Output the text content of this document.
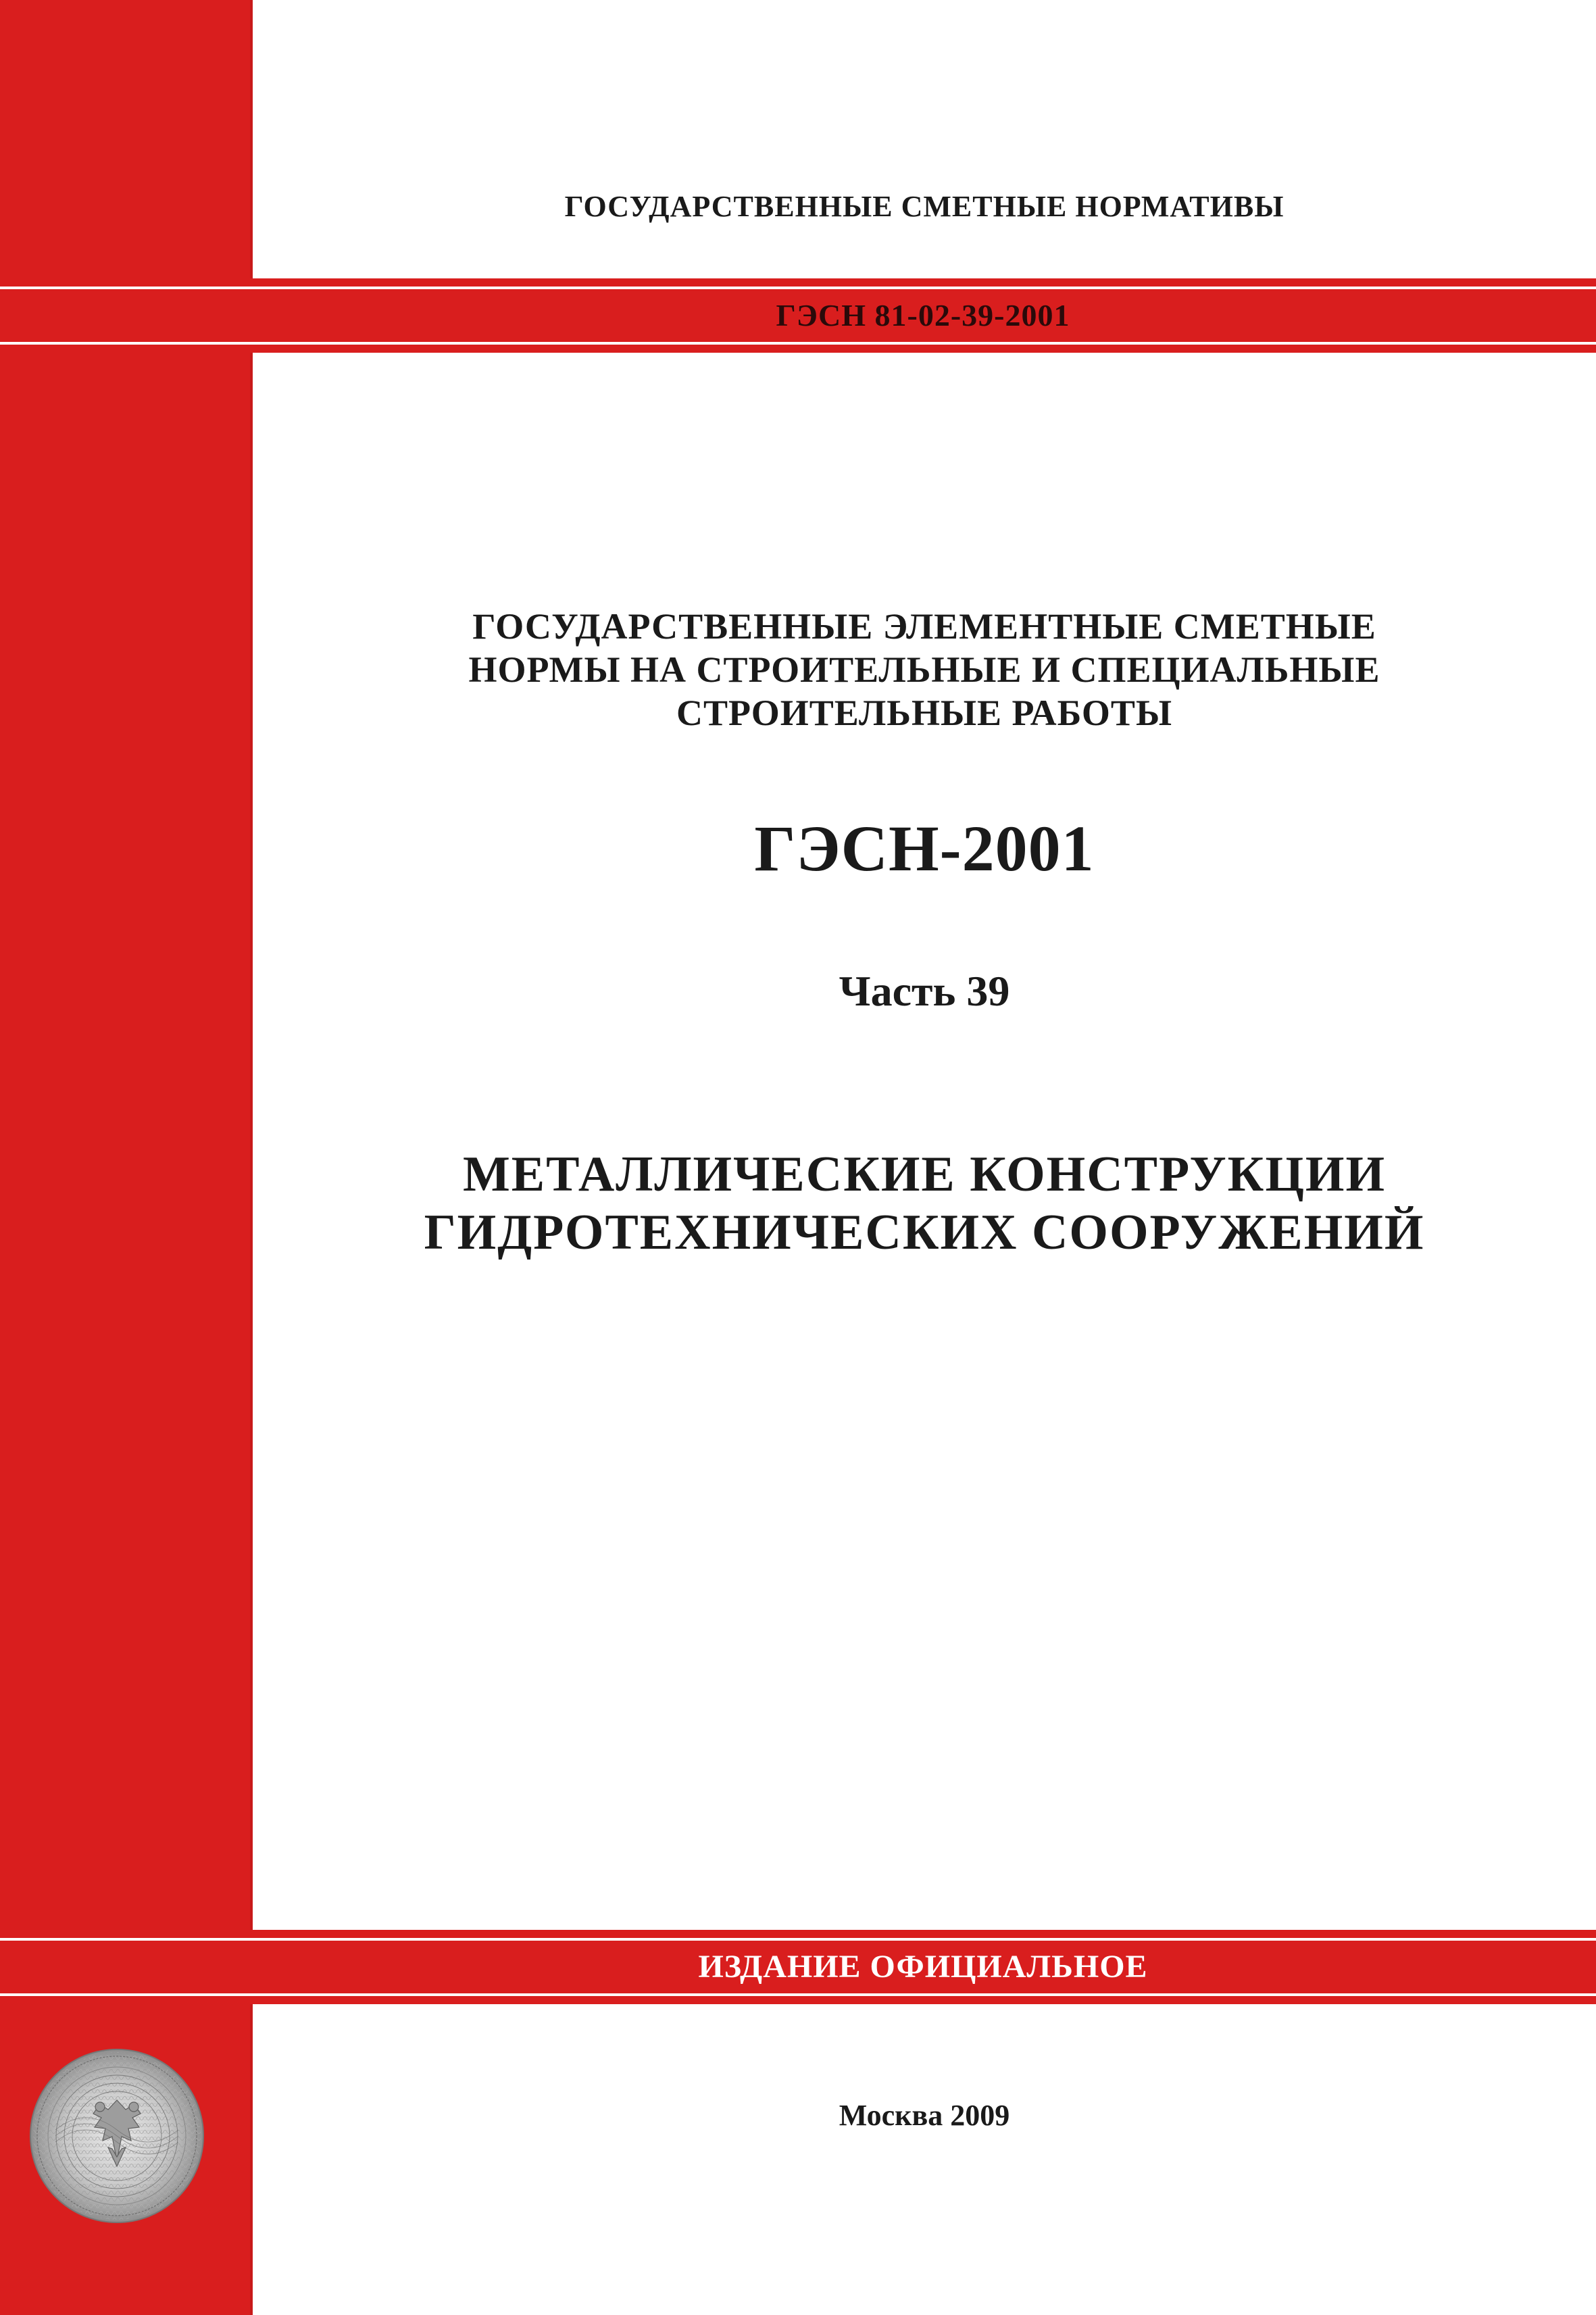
ГОСУДАРСТВЕННЫЕ СМЕТНЫЕ НОРМАТИВЫ
ГЭСН 81-02-39-2001
ГОСУДАРСТВЕННЫЕ ЭЛЕМЕНТНЫЕ СМЕТНЫЕ
НОРМЫ НА СТРОИТЕЛЬНЫЕ И СПЕЦИАЛЬНЫЕ
СТРОИТЕЛЬНЫЕ РАБОТЫ
ГЭСН-2001
Часть 39
МЕТАЛЛИЧЕСКИЕ КОНСТРУКЦИИ
ГИДРОТЕХНИЧЕСКИХ СООРУЖЕНИЙ
ИЗДАНИЕ ОФИЦИАЛЬНОЕ
Москва 2009
